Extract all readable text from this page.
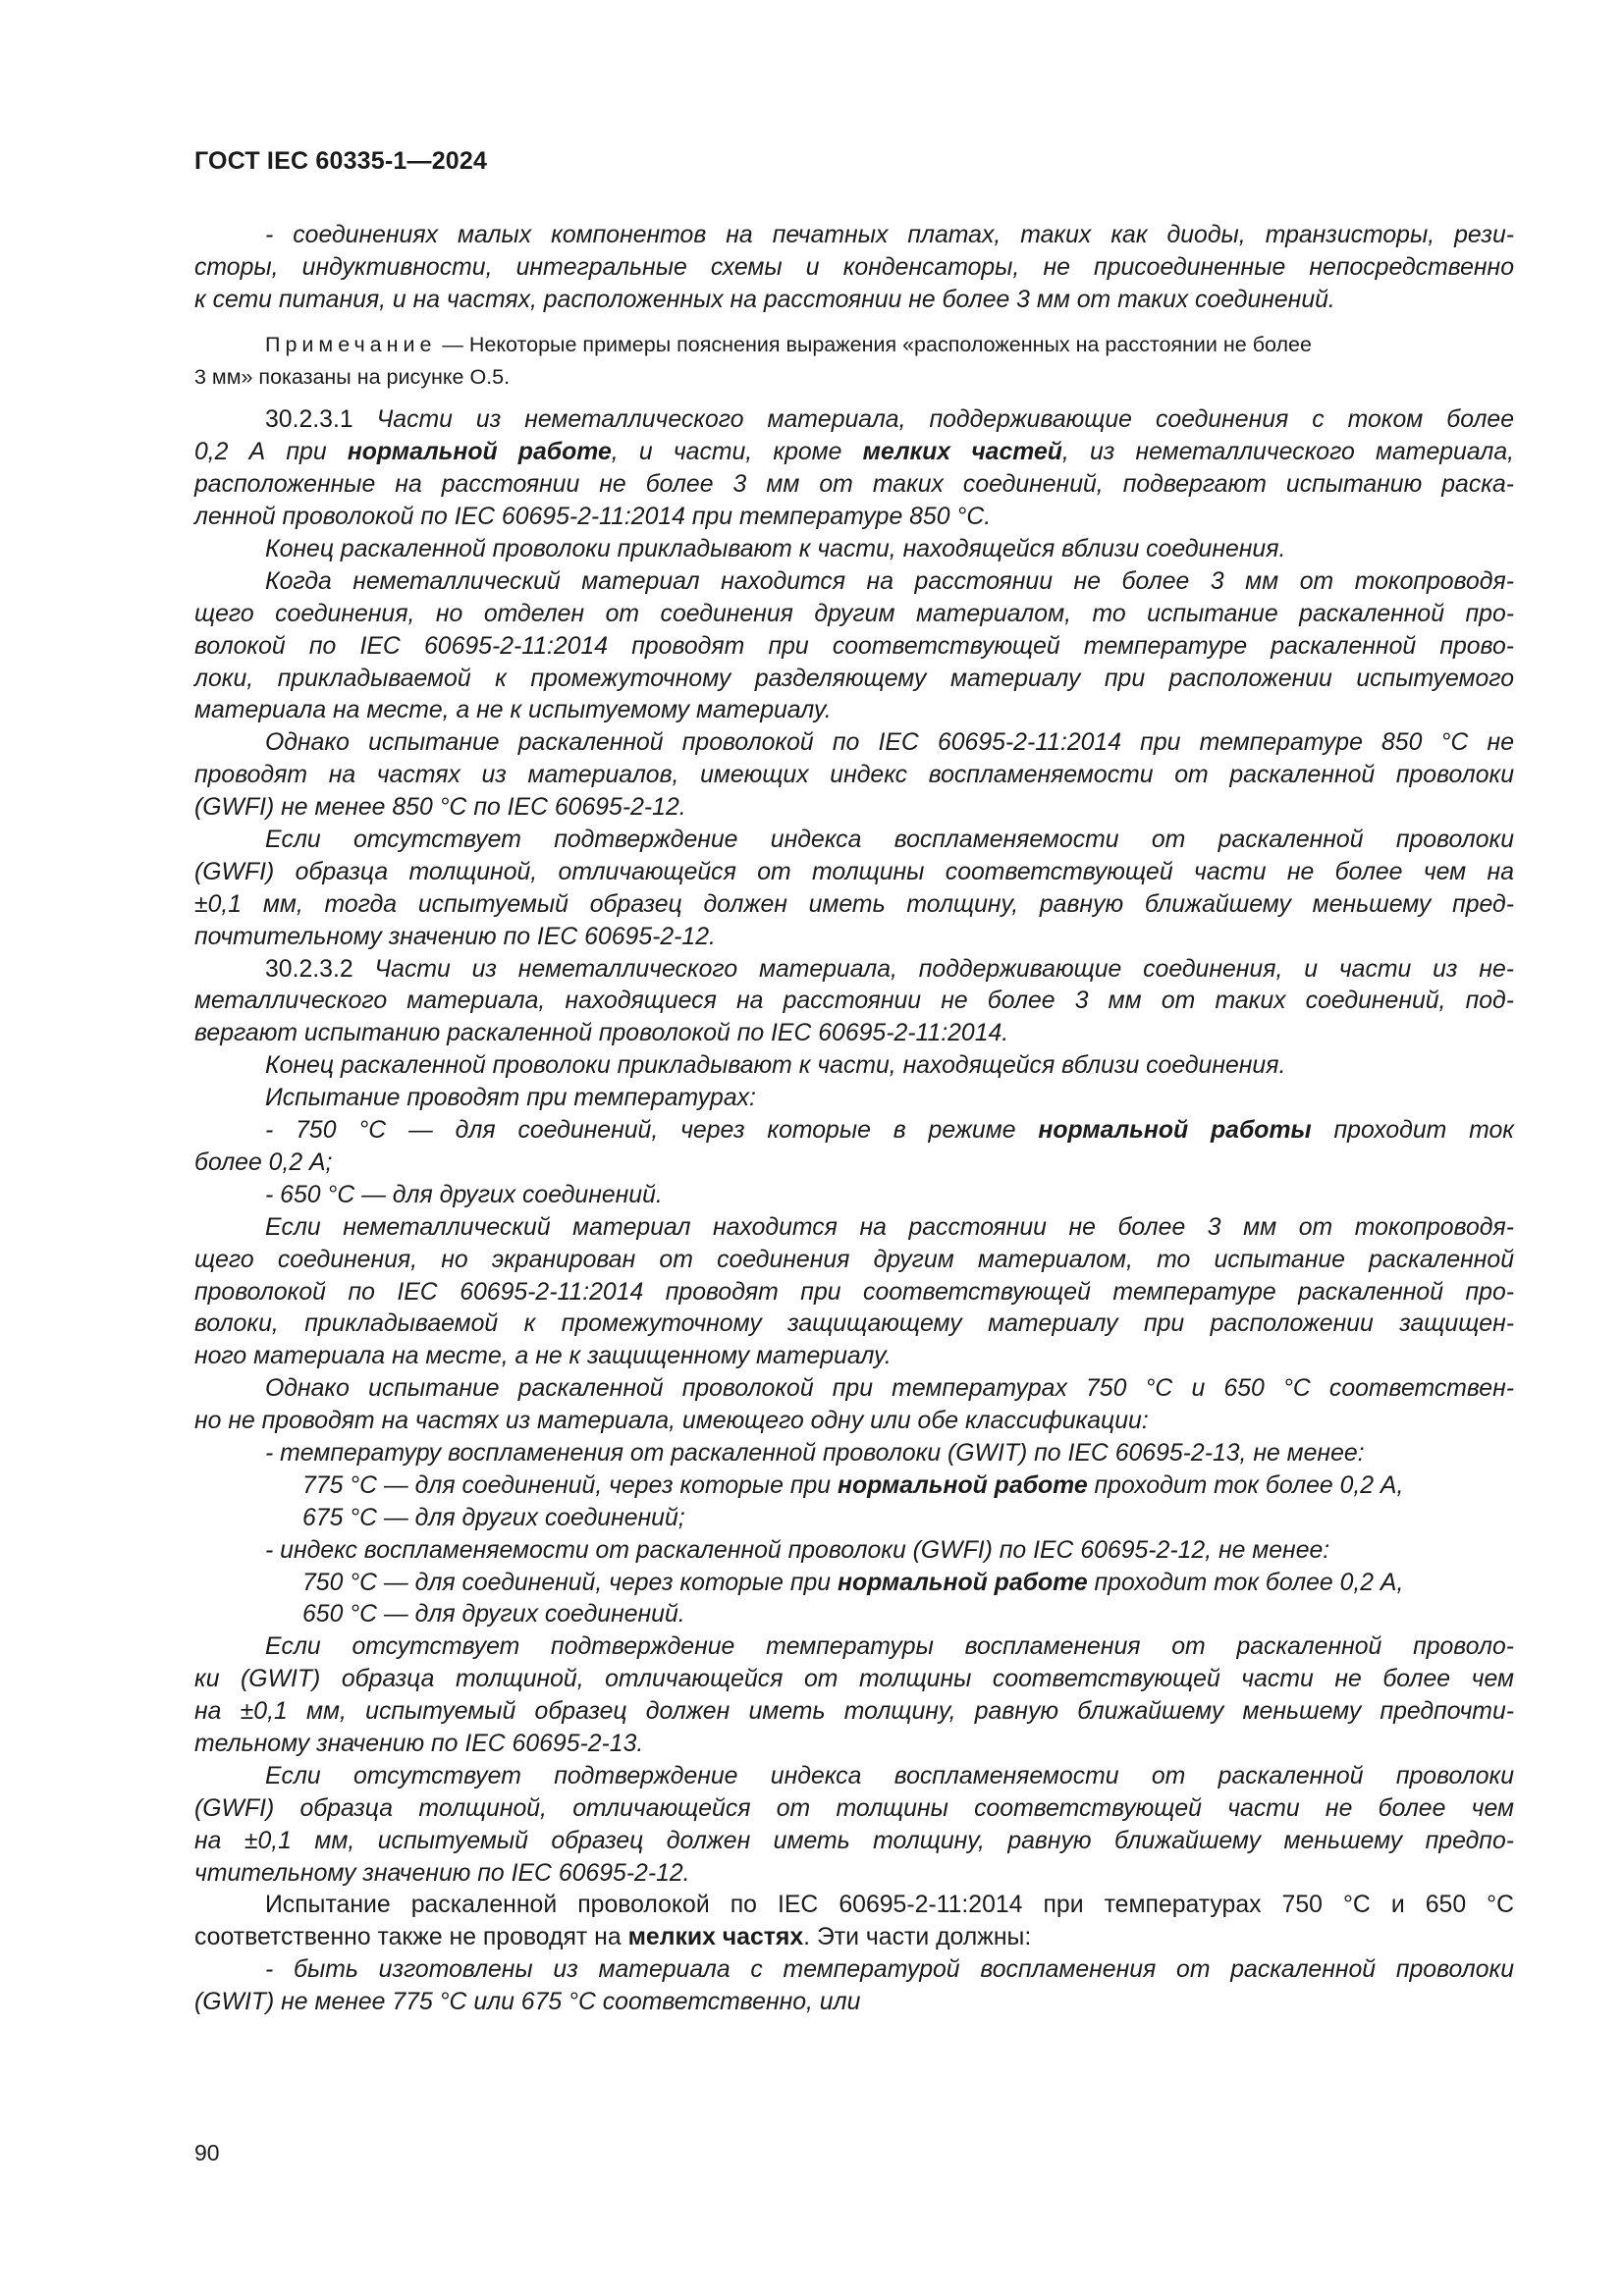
ГОСТ IEC 60335-1—2024
- соединениях малых компонентов на печатных платах, таких как диоды, транзисторы, рези-
сторы, индуктивности, интегральные схемы и конденсаторы, не присоединенные непосредственно
к сети питания, и на частях, расположенных на расстоянии не более 3 мм от таких соединений.
Примечание — Некоторые примеры пояснения выражения «расположенных на расстоянии не более
3 мм» показаны на рисунке О.5.
30.2.3.1 Части из неметаллического материала, поддерживающие соединения с током более
0,2 А при нормальной работе, и части, кроме мелких частей, из неметаллического материала,
расположенные на расстоянии не более 3 мм от таких соединений, подвергают испытанию раска-
ленной проволокой по IEC 60695-2-11:2014 при температуре 850 °С.
Конец раскаленной проволоки прикладывают к части, находящейся вблизи соединения.
Когда неметаллический материал находится на расстоянии не более 3 мм от токопроводя-
щего соединения, но отделен от соединения другим материалом, то испытание раскаленной про-
волокой по IEC 60695-2-11:2014 проводят при соответствующей температуре раскаленной прово-
локи, прикладываемой к промежуточному разделяющему материалу при расположении испытуемого
материала на месте, а не к испытуемому материалу.
Однако испытание раскаленной проволокой по IEC 60695-2-11:2014 при температуре 850 °С не
проводят на частях из материалов, имеющих индекс воспламеняемости от раскаленной проволоки
(GWFI) не менее 850 °С по IEC 60695-2-12.
Если отсутствует подтверждение индекса воспламеняемости от раскаленной проволоки
(GWFI) образца толщиной, отличающейся от толщины соответствующей части не более чем на
±0,1 мм, тогда испытуемый образец должен иметь толщину, равную ближайшему меньшему пред-
почтительному значению по IEC 60695-2-12.
30.2.3.2 Части из неметаллического материала, поддерживающие соединения, и части из не-
металлического материала, находящиеся на расстоянии не более 3 мм от таких соединений, под-
вергают испытанию раскаленной проволокой по IEC 60695-2-11:2014.
Конец раскаленной проволоки прикладывают к части, находящейся вблизи соединения.
Испытание проводят при температурах:
- 750 °С — для соединений, через которые в режиме нормальной работы проходит ток
более 0,2 А;
- 650 °С — для других соединений.
Если неметаллический материал находится на расстоянии не более 3 мм от токопроводя-
щего соединения, но экранирован от соединения другим материалом, то испытание раскаленной
проволокой по IEC 60695-2-11:2014 проводят при соответствующей температуре раскаленной про-
волоки, прикладываемой к промежуточному защищающему материалу при расположении защищен-
ного материала на месте, а не к защищенному материалу.
Однако испытание раскаленной проволокой при температурах 750 °С и 650 °С соответствен-
но не проводят на частях из материала, имеющего одну или обе классификации:
- температуру воспламенения от раскаленной проволоки (GWIT) по IEC 60695-2-13, не менее:
775 °С — для соединений, через которые при нормальной работе проходит ток более 0,2 А,
675 °С — для других соединений;
- индекс воспламеняемости от раскаленной проволоки (GWFI) по IEC 60695-2-12, не менее:
750 °С — для соединений, через которые при нормальной работе проходит ток более 0,2 А,
650 °С — для других соединений.
Если отсутствует подтверждение температуры воспламенения от раскаленной проволо-
ки (GWIT) образца толщиной, отличающейся от толщины соответствующей части не более чем
на ±0,1 мм, испытуемый образец должен иметь толщину, равную ближайшему меньшему предпочти-
тельному значению по IEC 60695-2-13.
Если отсутствует подтверждение индекса воспламеняемости от раскаленной проволоки
(GWFI) образца толщиной, отличающейся от толщины соответствующей части не более чем
на ±0,1 мм, испытуемый образец должен иметь толщину, равную ближайшему меньшему предпо-
чтительному значению по IEC 60695-2-12.
Испытание раскаленной проволокой по IEC 60695-2-11:2014 при температурах 750 °С и 650 °С
соответственно также не проводят на мелких частях. Эти части должны:
- быть изготовлены из материала с температурой воспламенения от раскаленной проволоки
(GWIT) не менее 775 °С или 675 °С соответственно, или
90
